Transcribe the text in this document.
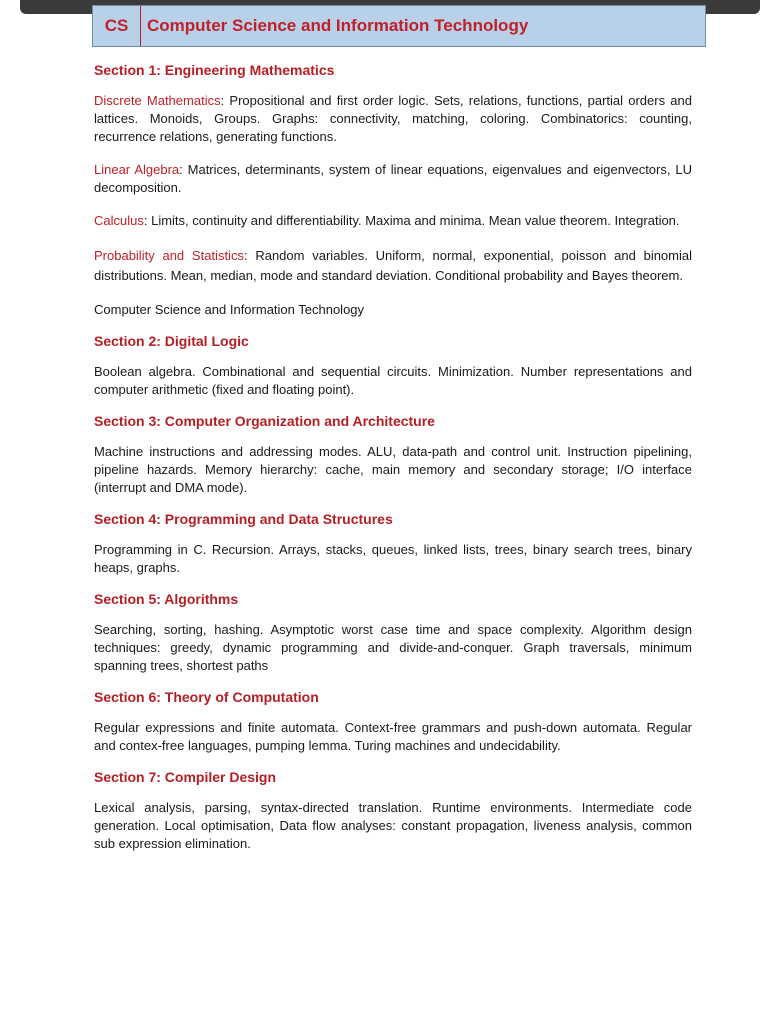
CS	Computer Science and Information Technology
Section 1: Engineering Mathematics

Discrete Mathematics: Propositional and first order logic. Sets, relations, functions, partial orders and lattices. Monoids, Groups. Graphs: connectivity, matching, coloring. Combinatorics: counting, recurrence relations, generating functions.

Linear Algebra: Matrices, determinants, system of linear equations, eigenvalues and eigenvectors, LU decomposition.

Calculus: Limits, continuity and differentiability. Maxima and minima. Mean value theorem. Integration.

Probability and Statistics: Random variables. Uniform, normal, exponential, poisson and binomial distributions. Mean, median, mode and standard deviation. Conditional probability and Bayes theorem.

Computer Science and Information Technology

Section 2: Digital Logic

Boolean algebra. Combinational and sequential circuits. Minimization. Number representations and computer arithmetic (fixed and floating point).

Section 3: Computer Organization and Architecture

Machine instructions and addressing modes. ALU, data-path and control unit. Instruction pipelining, pipeline hazards. Memory hierarchy: cache, main memory and secondary storage; I/O interface (interrupt and DMA mode).

Section 4: Programming and Data Structures

Programming in C. Recursion. Arrays, stacks, queues, linked lists, trees, binary search trees, binary heaps, graphs.

Section 5: Algorithms

Searching, sorting, hashing. Asymptotic worst case time and space complexity. Algorithm design techniques: greedy, dynamic programming and divide-and-conquer. Graph traversals, minimum spanning trees, shortest paths

Section 6: Theory of Computation

Regular expressions and finite automata. Context-free grammars and push-down automata. Regular and contex-free languages, pumping lemma. Turing machines and undecidability.

Section 7: Compiler Design

Lexical analysis, parsing, syntax-directed translation. Runtime environments. Intermediate code generation. Local optimisation, Data flow analyses: constant propagation, liveness analysis, common sub expression elimination.
